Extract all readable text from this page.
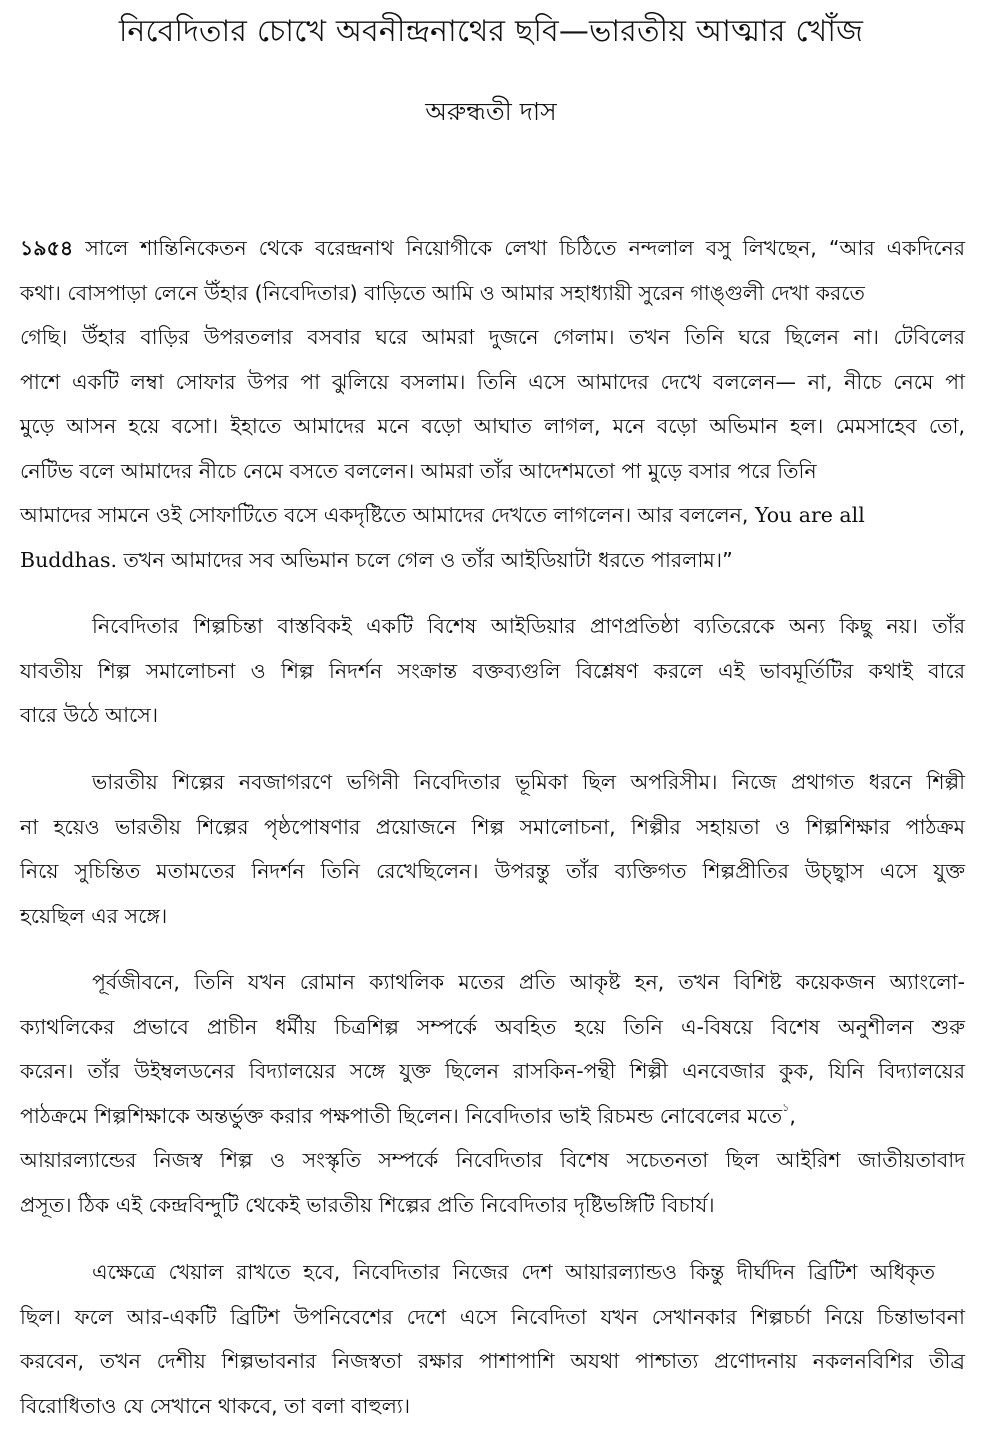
নিবেদিতার চোখে অবনীন্দ্রনাথের ছবি—ভারতীয় আত্মার খোঁজ
অরুন্ধতী দাস
১৯৫৪ সালে শান্তিনিকেতন থেকে বরেন্দ্রনাথ নিয়োগীকে লেখা চিঠিতে নন্দলাল বসু লিখছেন, “আর একদিনের
কথা। বোসপাড়া লেনে উঁহার (নিবেদিতার) বাড়িতে আমি ও আমার সহাধ্যায়ী সুরেন গাঙ্গুলী দেখা করতে
গেছি। উঁহার বাড়ির উপরতলার বসবার ঘরে আমরা দুজনে গেলাম। তখন তিনি ঘরে ছিলেন না। টেবিলের
পাশে একটি লম্বা সোফার উপর পা ঝুলিয়ে বসলাম। তিনি এসে আমাদের দেখে বললেন— না, নীচে নেমে পা
মুড়ে আসন হয়ে বসো। ইহাতে আমাদের মনে বড়ো আঘাত লাগল, মনে বড়ো অভিমান হল। মেমসাহেব তো,
নেটিভ বলে আমাদের নীচে নেমে বসতে বললেন। আমরা তাঁর আদেশমতো পা মুড়ে বসার পরে তিনি
আমাদের সামনে ওই সোফাটিতে বসে একদৃষ্টিতে আমাদের দেখতে লাগলেন। আর বললেন, You are all
Buddhas. তখন আমাদের সব অভিমান চলে গেল ও তাঁর আইডিয়াটা ধরতে পারলাম।”
নিবেদিতার শিল্পচিন্তা বাস্তবিকই একটি বিশেষ আইডিয়ার প্রাণপ্রতিষ্ঠা ব্যতিরেকে অন্য কিছু নয়। তাঁর
যাবতীয় শিল্প সমালোচনা ও শিল্প নিদর্শন সংক্রান্ত বক্তব্যগুলি বিশ্লেষণ করলে এই ভাবমূর্তিটির কথাই বারে
বারে উঠে আসে।
ভারতীয় শিল্পের নবজাগরণে ভগিনী নিবেদিতার ভূমিকা ছিল অপরিসীম। নিজে প্রথাগত ধরনে শিল্পী
না হয়েও ভারতীয় শিল্পের পৃষ্ঠপোষণার প্রয়োজনে শিল্প সমালোচনা, শিল্পীর সহায়তা ও শিল্পশিক্ষার পাঠক্রম
নিয়ে সুচিন্তিত মতামতের নিদর্শন তিনি রেখেছিলেন। উপরন্তু তাঁর ব্যক্তিগত শিল্পপ্রীতির উচ্ছ্বাস এসে যুক্ত
হয়েছিল এর সঙ্গে।
পূর্বজীবনে, তিনি যখন রোমান ক্যাথলিক মতের প্রতি আকৃষ্ট হন, তখন বিশিষ্ট কয়েকজন অ্যাংলো-
ক্যাথলিকের প্রভাবে প্রাচীন ধর্মীয় চিত্রশিল্প সম্পর্কে অবহিত হয়ে তিনি এ-বিষয়ে বিশেষ অনুশীলন শুরু
করেন। তাঁর উইম্বলডনের বিদ্যালয়ের সঙ্গে যুক্ত ছিলেন রাসকিন-পন্থী শিল্পী এনবেজার কুক, যিনি বিদ্যালয়ের
পাঠক্রমে শিল্পশিক্ষাকে অন্তর্ভুক্ত করার পক্ষপাতী ছিলেন। নিবেদিতার ভাই রিচমন্ড নোবেলের মতে$^১$,
আয়ারল্যান্ডের নিজস্ব শিল্প ও সংস্কৃতি সম্পর্কে নিবেদিতার বিশেষ সচেতনতা ছিল আইরিশ জাতীয়তাবাদ
প্রসূত। ঠিক এই কেন্দ্রবিন্দুটি থেকেই ভারতীয় শিল্পের প্রতি নিবেদিতার দৃষ্টিভঙ্গিটি বিচার্য।
এক্ষেত্রে খেয়াল রাখতে হবে, নিবেদিতার নিজের দেশ আয়ারল্যান্ডও কিন্তু দীর্ঘদিন ব্রিটিশ অধিকৃত
ছিল। ফলে আর-একটি ব্রিটিশ উপনিবেশের দেশে এসে নিবেদিতা যখন সেখানকার শিল্পচর্চা নিয়ে চিন্তাভাবনা
করবেন, তখন দেশীয় শিল্পভাবনার নিজস্বতা রক্ষার পাশাপাশি অযথা পাশ্চাত্য প্রণোদনায় নকলনবিশির তীব্র
বিরোধিতাও যে সেখানে থাকবে, তা বলা বাহুল্য।
